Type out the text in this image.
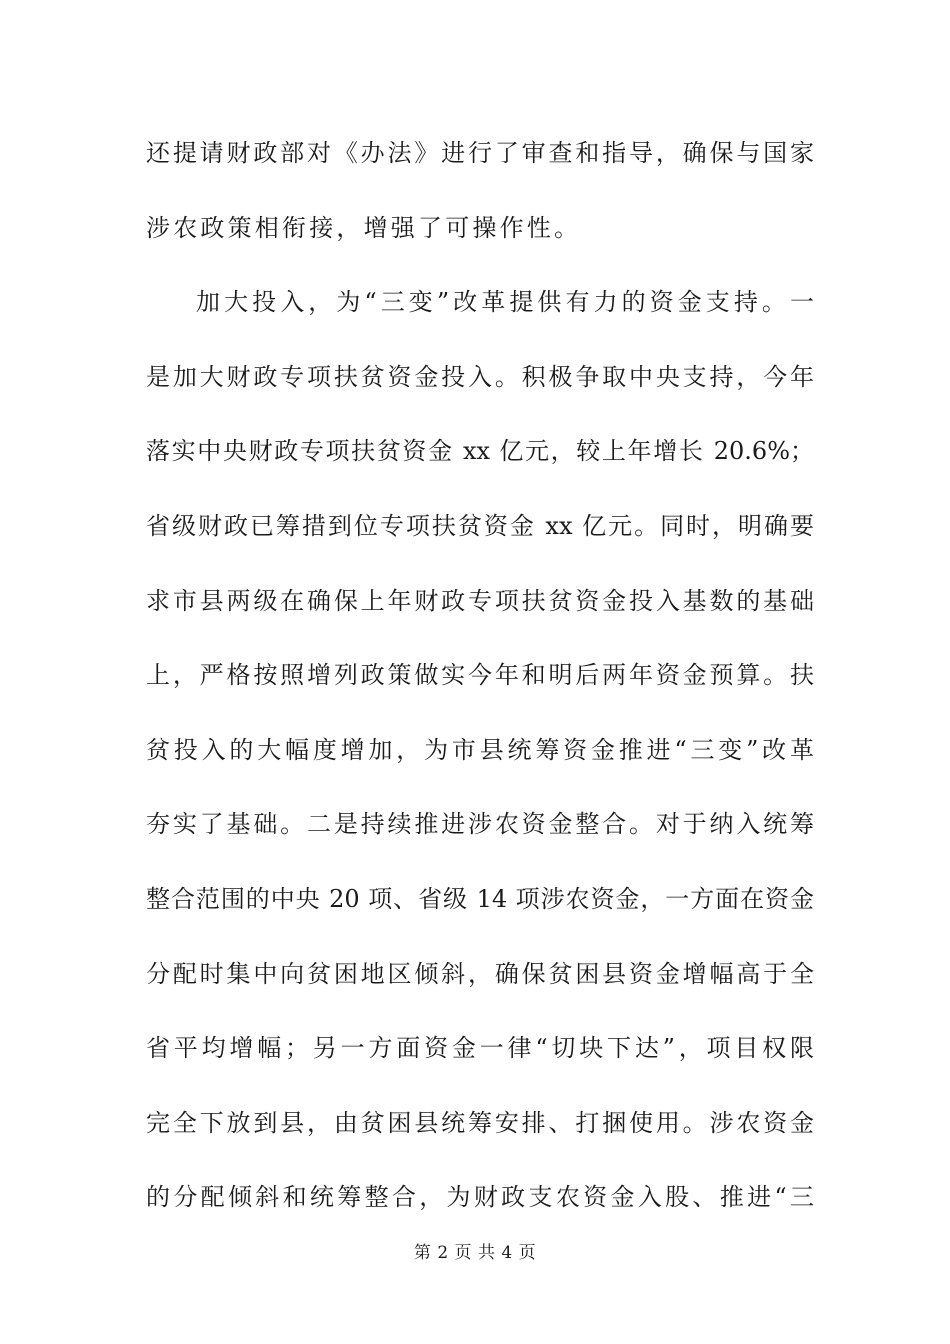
还提请财政部对《办法》进行了审查和指导，确保与国家
涉农政策相衔接，增强了可操作性。
加大投入，为“三变”改革提供有力的资金支持。一
是加大财政专项扶贫资金投入。积极争取中央支持，今年
落实中央财政专项扶贫资金 xx 亿元，较上年增长 20.6%；
省级财政已筹措到位专项扶贫资金 xx 亿元。同时，明确要
求市县两级在确保上年财政专项扶贫资金投入基数的基础
上，严格按照增列政策做实今年和明后两年资金预算。扶
贫投入的大幅度增加，为市县统筹资金推进“三变”改革
夯实了基础。二是持续推进涉农资金整合。对于纳入统筹
整合范围的中央 20 项、省级 14 项涉农资金，一方面在资金
分配时集中向贫困地区倾斜，确保贫困县资金增幅高于全
省平均增幅；另一方面资金一律“切块下达”，项目权限
完全下放到县，由贫困县统筹安排、打捆使用。涉农资金
的分配倾斜和统筹整合，为财政支农资金入股、推进“三
第 2 页 共 4 页
